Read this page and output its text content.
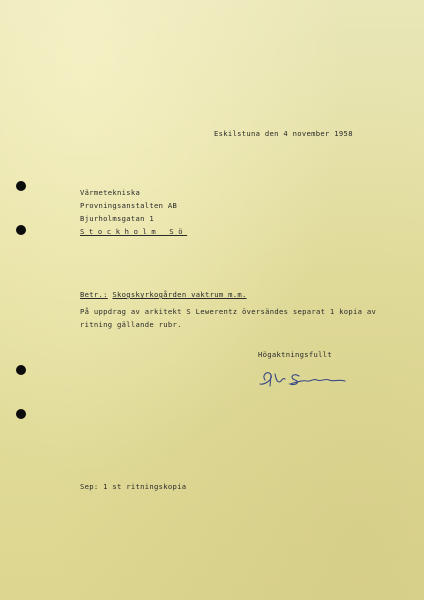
Eskilstuna den 4 november 1958
Värmetekniska
Provningsanstalten AB
Bjurholmsgatan 1
Stockholm Sö
Betr.: Skogskyrkogården vaktrum m.m.
På uppdrag av arkitekt S Lewerentz översändes separat 1 kopia av
ritning gällande rubr.
Högaktningsfullt
Sep: 1 st ritningskopia
